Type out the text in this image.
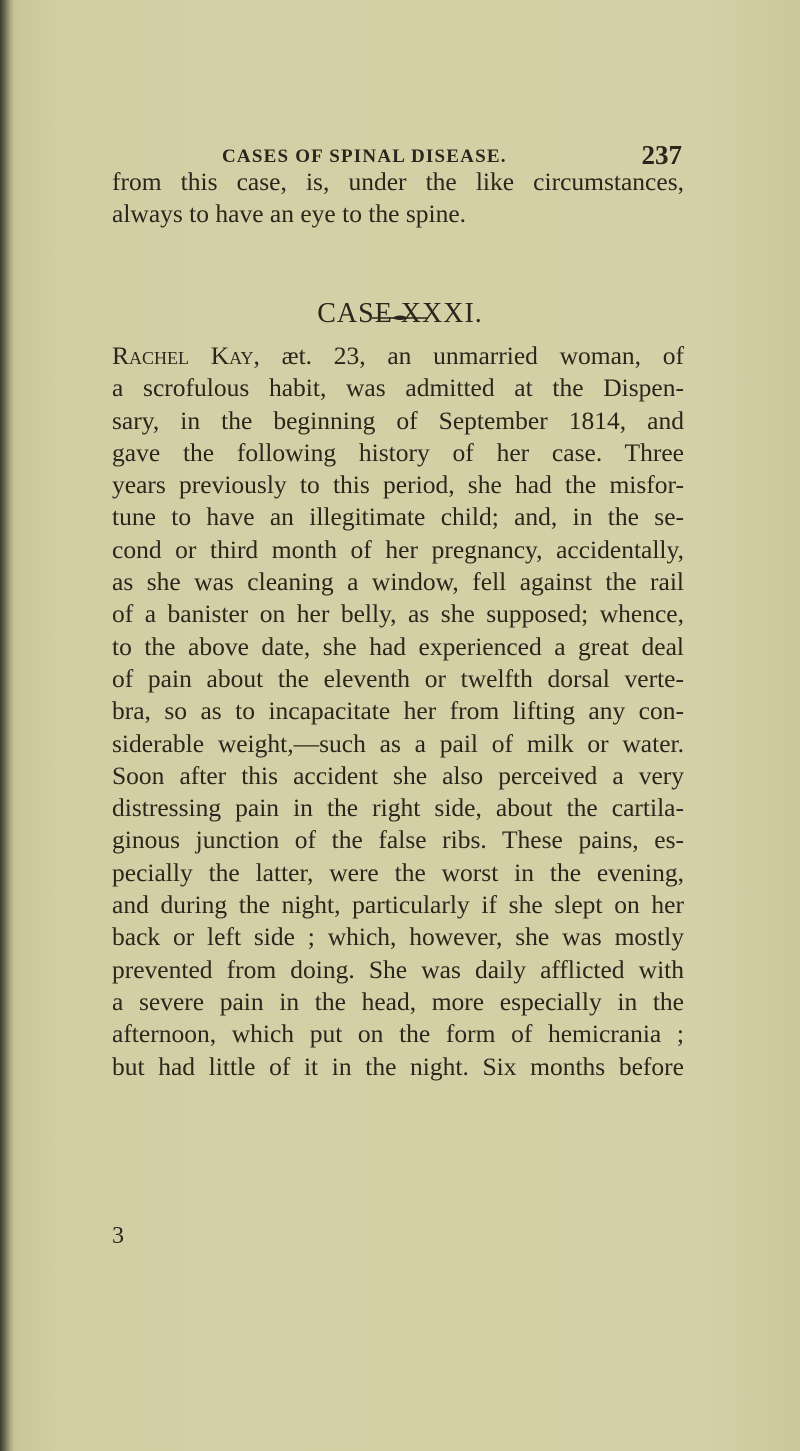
CASES OF SPINAL DISEASE.	237
from this case, is, under the like circumstances,
always to have an eye to the spine.
CASE XXXI.
Rachel Kay, æt. 23, an unmarried woman, of
a scrofulous habit, was admitted at the Dispen-
sary, in the beginning of September 1814, and
gave the following history of her case. Three
years previously to this period, she had the misfor-
tune to have an illegitimate child; and, in the se-
cond or third month of her pregnancy, accidentally,
as she was cleaning a window, fell against the rail
of a banister on her belly, as she supposed; whence,
to the above date, she had experienced a great deal
of pain about the eleventh or twelfth dorsal verte-
bra, so as to incapacitate her from lifting any con-
siderable weight,—such as a pail of milk or water.
Soon after this accident she also perceived a very
distressing pain in the right side, about the cartila-
ginous junction of the false ribs. These pains, es-
pecially the latter, were the worst in the evening,
and during the night, particularly if she slept on her
back or left side ; which, however, she was mostly
prevented from doing. She was daily afflicted with
a severe pain in the head, more especially in the
afternoon, which put on the form of hemicrania ;
but had little of it in the night. Six months before
3
